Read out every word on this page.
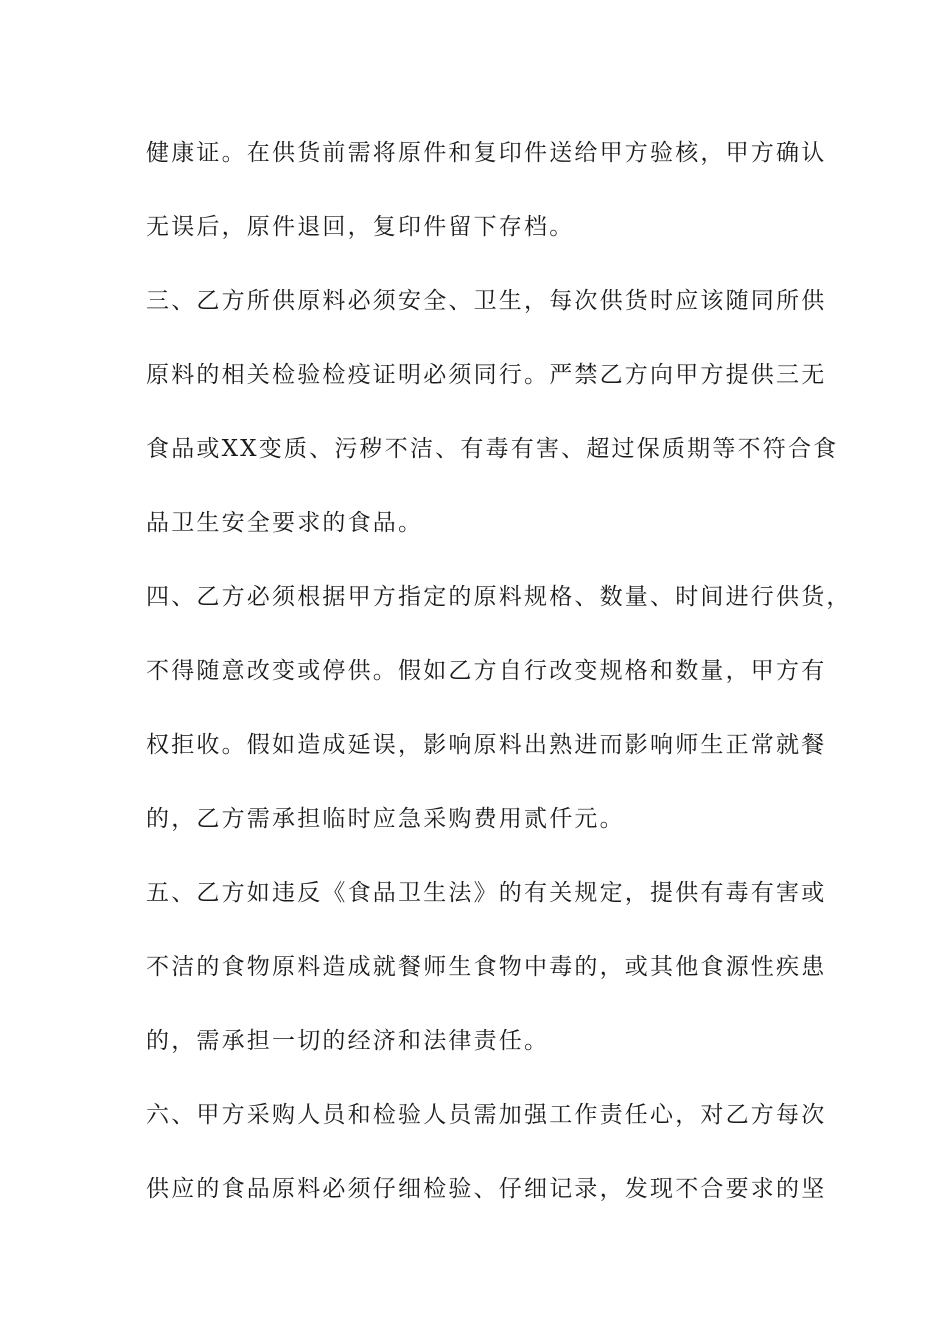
健康证。在供货前需将原件和复印件送给甲方验核，甲方确认
无误后，原件退回，复印件留下存档。
三、乙方所供原料必须安全、卫生，每次供货时应该随同所供
原料的相关检验检疫证明必须同行。严禁乙方向甲方提供三无
食品或XX变质、污秽不洁、有毒有害、超过保质期等不符合食
品卫生安全要求的食品。
四、乙方必须根据甲方指定的原料规格、数量、时间进行供货，
不得随意改变或停供。假如乙方自行改变规格和数量，甲方有
权拒收。假如造成延误，影响原料出熟进而影响师生正常就餐
的，乙方需承担临时应急采购费用贰仟元。
五、乙方如违反《食品卫生法》的有关规定，提供有毒有害或
不洁的食物原料造成就餐师生食物中毒的，或其他食源性疾患
的，需承担一切的经济和法律责任。
六、甲方采购人员和检验人员需加强工作责任心，对乙方每次
供应的食品原料必须仔细检验、仔细记录，发现不合要求的坚
